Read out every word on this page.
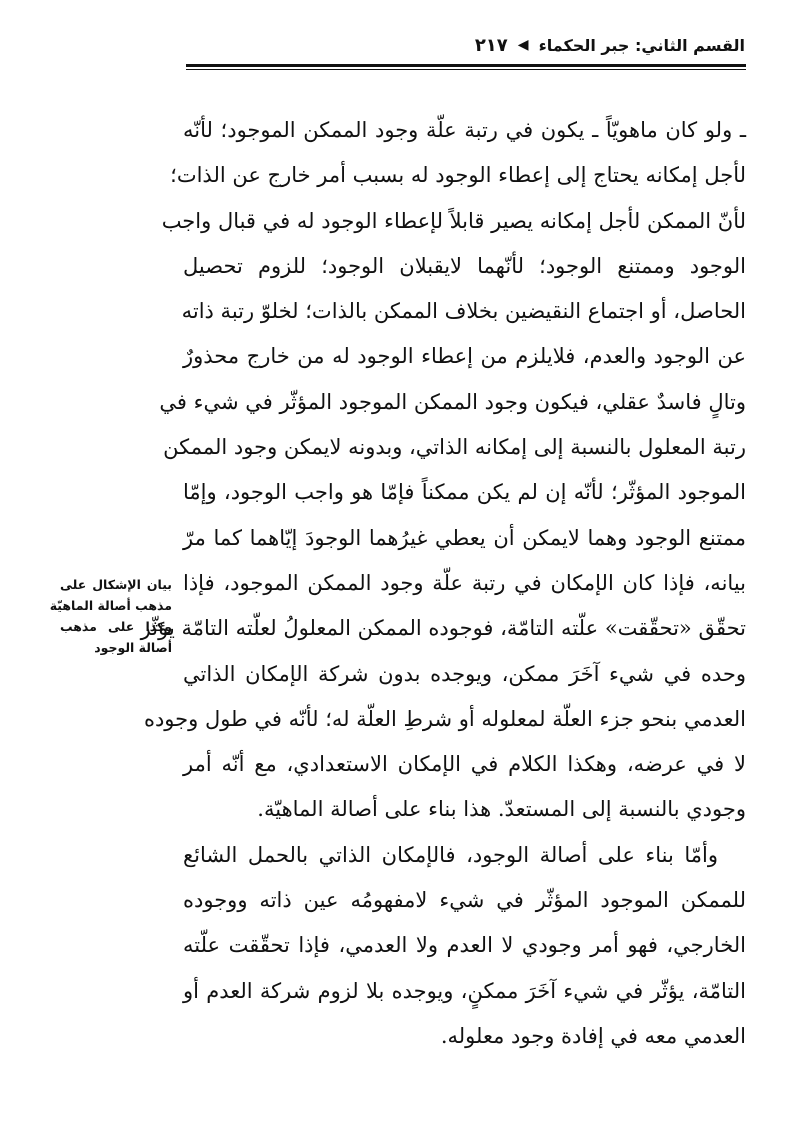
القسم الثاني: جبر الحكماء
◀
٢١٧
ـ ولو كان ماهويّاً ـ يكون في رتبة علّة وجود الممكن الموجود؛ لأنّه
لأجل إمكانه يحتاج إلى إعطاء الوجود له بسبب أمر خارج عن الذات؛
لأنّ الممكن لأجل إمكانه يصير قابلاً لإعطاء الوجود له في قبال واجب
الوجود وممتنع الوجود؛ لأنّهما لايقبلان الوجود؛ للزوم تحصيل
الحاصل، أو اجتماع النقيضين بخلاف الممكن بالذات؛ لخلوّ رتبة ذاته
عن الوجود والعدم، فلايلزم من إعطاء الوجود له من خارج محذورٌ
وتالٍ فاسدٌ عقلي، فيكون وجود الممكن الموجود المؤثّر في شيء في
رتبة المعلول بالنسبة إلى إمكانه الذاتي، وبدونه لايمكن وجود الممكن
الموجود المؤثّر؛ لأنّه إن لم يكن ممكناً فإمّا هو واجب الوجود، وإمّا
ممتنع الوجود وهما لايمكن أن يعطي غيرُهما الوجودَ إيّاهما كما مرّ
بيانه، فإذا كان الإمكان في رتبة علّة وجود الممكن الموجود، فإذا
تحقّق «تحقّقت» علّته التامّة، فوجوده الممكن المعلولُ لعلّته التامّة يؤثّر
وحده في شيء آخَرَ ممكن، ويوجده بدون شركة الإمكان الذاتي
العدمي بنحو جزء العلّة لمعلوله أو شرطِ العلّة له؛ لأنّه في طول وجوده
لا في عرضه، وهكذا الكلام في الإمكان الاستعدادي، مع أنّه أمر
وجودي بالنسبة إلى المستعدّ. هذا بناء على أصالة الماهيّة.
وأمّا بناء على أصالة الوجود، فالإمكان الذاتي بالحمل الشائع
للممكن الموجود المؤثّر في شيء لامفهومُه عين ذاته ووجوده
الخارجي، فهو أمر وجودي لا العدم ولا العدمي، فإذا تحقّقت علّته
التامّة، يؤثّر في شيء آخَرَ ممكنٍ، ويوجده بلا لزوم شركة العدم أو
العدمي معه في إفادة وجود معلوله.
بيان الإشكال على
مذهب أصالة الماهيّة
وكذا على مذهب
أصالة الوجود
